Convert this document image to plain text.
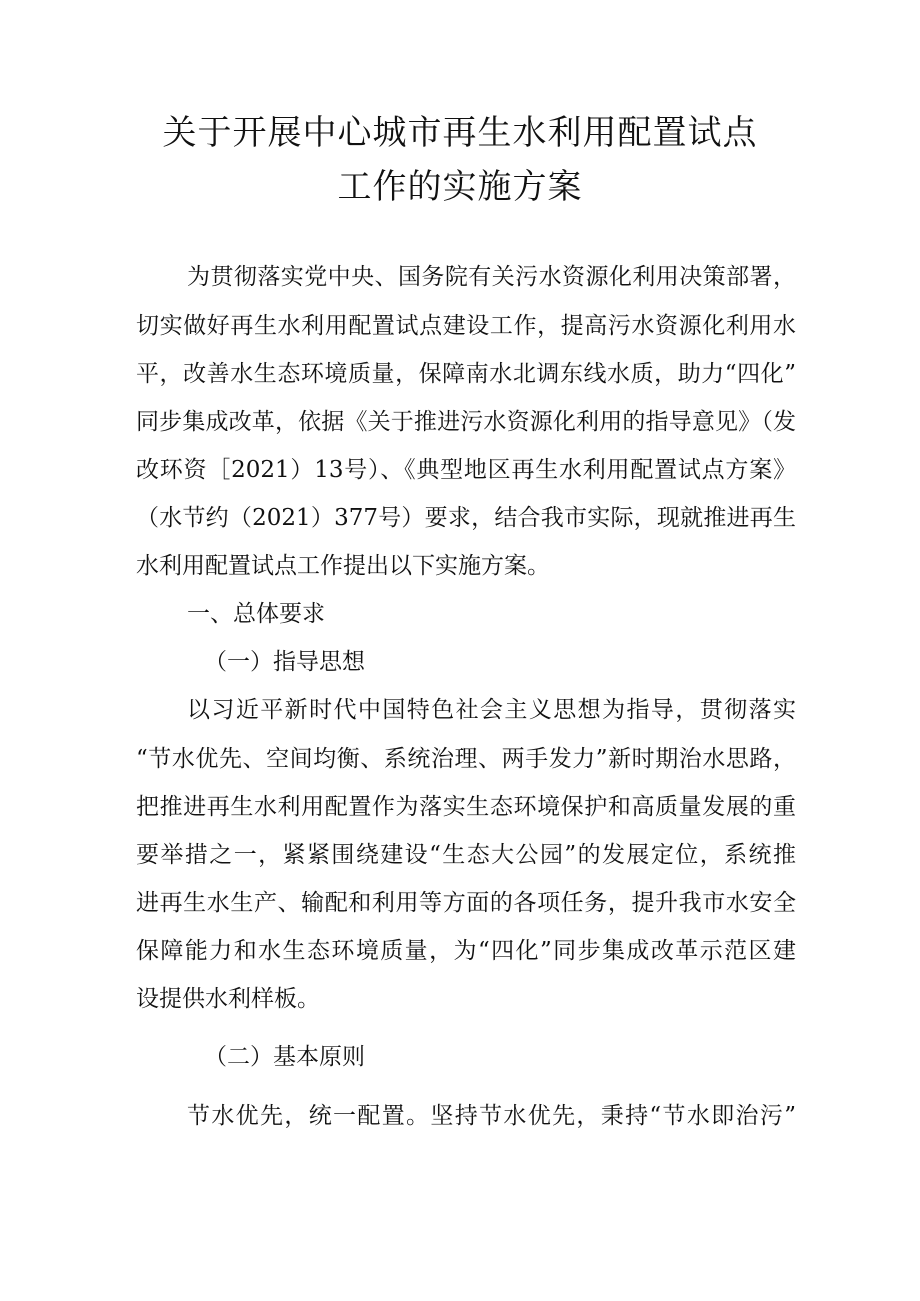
关于开展中心城市再生水利用配置试点
工作的实施方案
为贯彻落实党中央、国务院有关污水资源化利用决策部署，
切实做好再生水利用配置试点建设工作，提高污水资源化利用水
平，改善水生态环境质量，保障南水北调东线水质，助力“四化”
同步集成改革，依据《关于推进污水资源化利用的指导意见》（发
改环资［2021）13号）、《典型地区再生水利用配置试点方案》
（水节约（2021）377号）要求，结合我市实际，现就推进再生
水利用配置试点工作提出以下实施方案。
一、总体要求
（一）指导思想
以习近平新时代中国特色社会主义思想为指导，贯彻落实
“节水优先、空间均衡、系统治理、两手发力”新时期治水思路，
把推进再生水利用配置作为落实生态环境保护和高质量发展的重
要举措之一，紧紧围绕建设“生态大公园”的发展定位，系统推
进再生水生产、输配和利用等方面的各项任务，提升我市水安全
保障能力和水生态环境质量，为“四化”同步集成改革示范区建
设提供水利样板。
（二）基本原则
节水优先，统一配置。坚持节水优先，秉持“节水即治污”
